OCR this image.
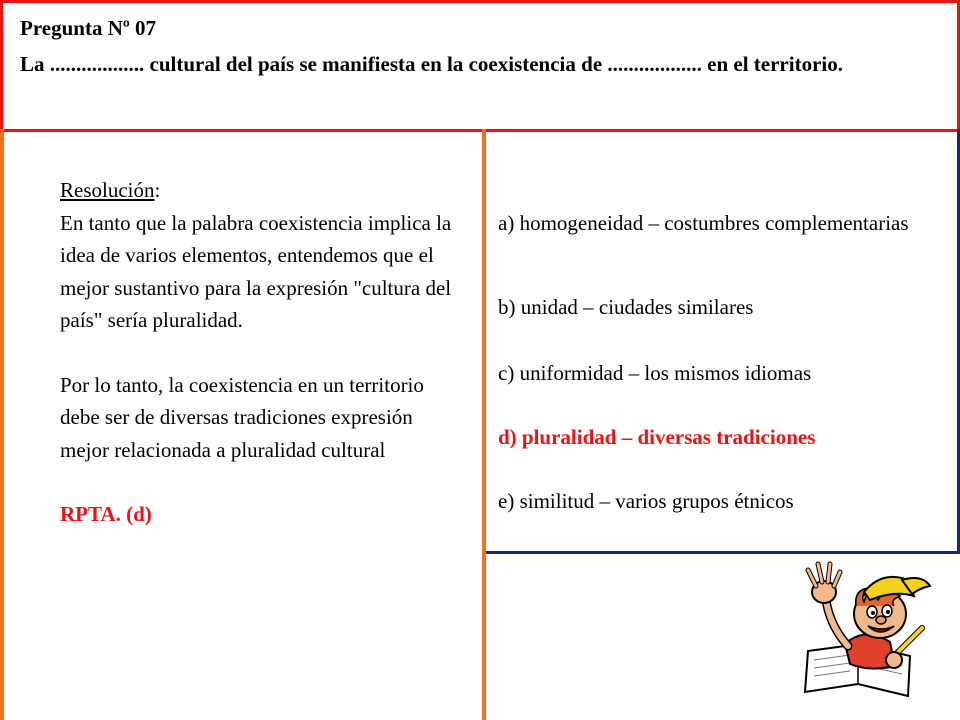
Pregunta Nº 07
La .................. cultural del país se manifiesta en la coexistencia de .................. en el territorio.

Resolución:

En tanto que la palabra coexistencia implica la idea de varios elementos, entendemos que el mejor sustantivo para la expresión "cultura del país" sería pluralidad.

Por lo tanto, la coexistencia en un territorio debe ser de diversas tradiciones expresión mejor relacionada a pluralidad cultural

RPTA. (d)

a) homogeneidad – costumbres complementarias
b) unidad – ciudades similares
c) uniformidad – los mismos idiomas
d) pluralidad – diversas tradiciones
e) similitud – varios grupos étnicos
